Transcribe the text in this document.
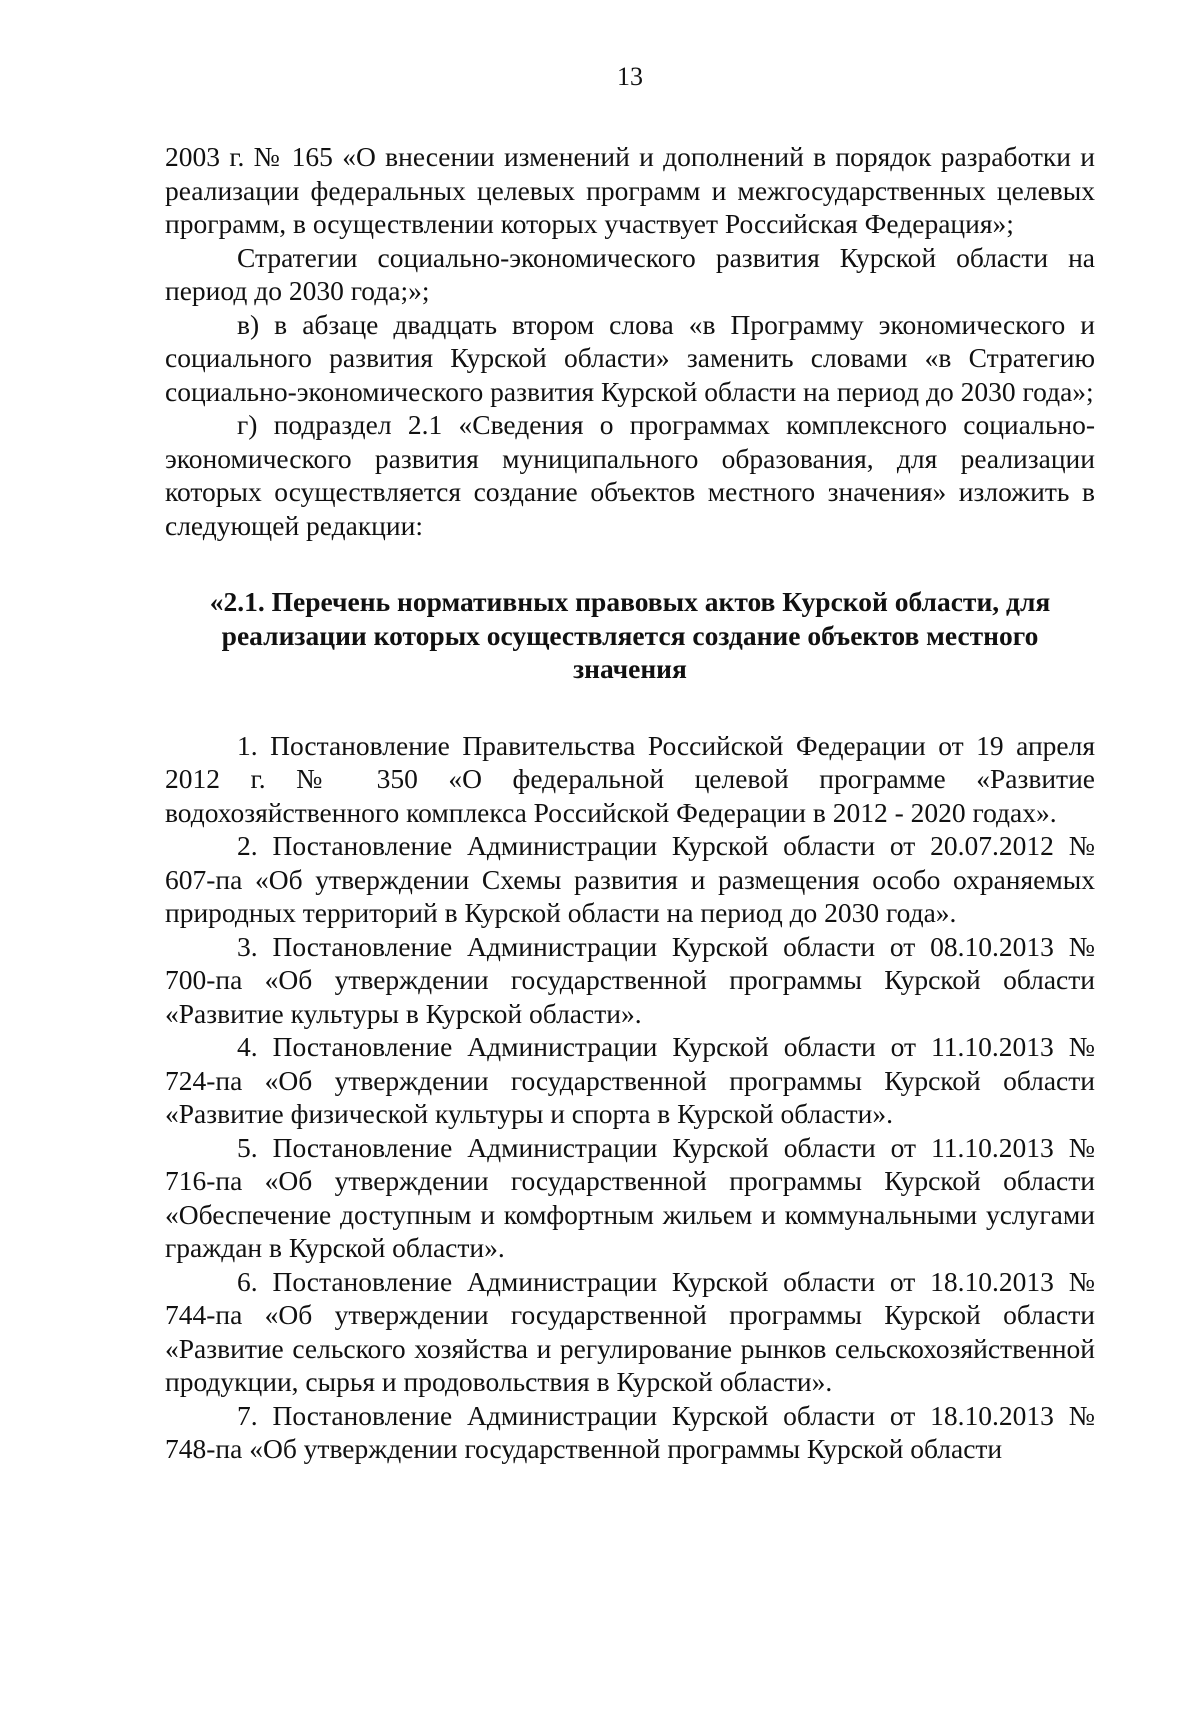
13

2003 г. № 165 «О внесении изменений и дополнений в порядок разработки и реализации федеральных целевых программ и межгосударственных целевых программ, в осуществлении которых участвует Российская Федерация»;

Стратегии социально-экономического развития Курской области на период до 2030 года;»;

в) в абзаце двадцать втором слова «в Программу экономического и социального развития Курской области» заменить словами «в Стратегию социально-экономического развития Курской области на период до 2030 года»;

г) подраздел 2.1 «Сведения о программах комплексного социально-экономического развития муниципального образования, для реализации которых осуществляется создание объектов местного значения» изложить в следующей редакции:

«2.1. Перечень нормативных правовых актов Курской области, для реализации которых осуществляется создание объектов местного значения

1. Постановление Правительства Российской Федерации от 19 апреля 2012 г. № 350 «О федеральной целевой программе «Развитие водохозяйственного комплекса Российской Федерации в 2012 - 2020 годах».

2. Постановление Администрации Курской области от 20.07.2012 № 607-па «Об утверждении Схемы развития и размещения особо охраняемых природных территорий в Курской области на период до 2030 года».

3. Постановление Администрации Курской области от 08.10.2013 № 700-па «Об утверждении государственной программы Курской области «Развитие культуры в Курской области».

4. Постановление Администрации Курской области от 11.10.2013 № 724-па «Об утверждении государственной программы Курской области «Развитие физической культуры и спорта в Курской области».

5. Постановление Администрации Курской области от 11.10.2013 № 716-па «Об утверждении государственной программы Курской области «Обеспечение доступным и комфортным жильем и коммунальными услугами граждан в Курской области».

6. Постановление Администрации Курской области от 18.10.2013 № 744-па «Об утверждении государственной программы Курской области «Развитие сельского хозяйства и регулирование рынков сельскохозяйственной продукции, сырья и продовольствия в Курской области».

7. Постановление Администрации Курской области от 18.10.2013 № 748-па «Об утверждении государственной программы Курской области
